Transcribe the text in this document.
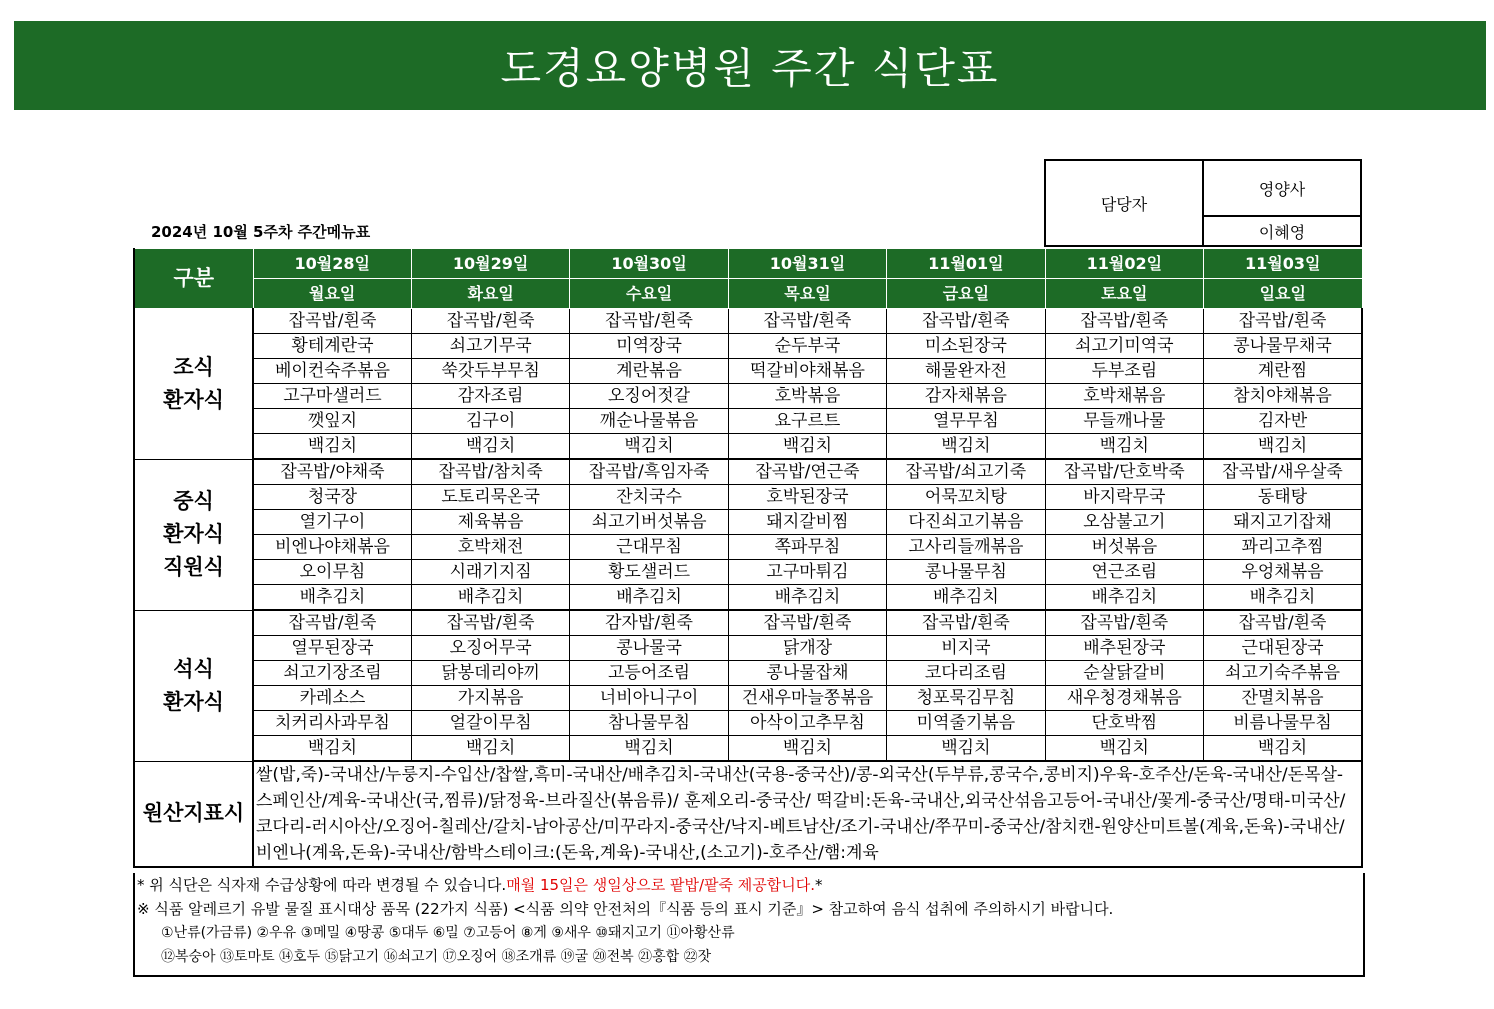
도경요양병원 주간 식단표
담당자	영양사
이혜영
2024년 10월 5주차 주간메뉴표
구분	10월28일	10월29일	10월30일	10월31일	11월01일	11월02일	11월03일
	월요일	화요일	수요일	목요일	금요일	토요일	일요일
조식
환자식	잡곡밥/흰죽	잡곡밥/흰죽	잡곡밥/흰죽	잡곡밥/흰죽	잡곡밥/흰죽	잡곡밥/흰죽	잡곡밥/흰죽
	황테계란국	쇠고기무국	미역장국	순두부국	미소된장국	쇠고기미역국	콩나물무채국
	베이컨숙주볶음	쑥갓두부무침	계란볶음	떡갈비야채볶음	해물완자전	두부조림	계란찜
	고구마샐러드	감자조림	오징어젓갈	호박볶음	감자채볶음	호박채볶음	참치야채볶음
	깻잎지	김구이	깨순나물볶음	요구르트	열무무침	무들깨나물	김자반
	백김치	백김치	백김치	백김치	백김치	백김치	백김치
중식
환자식
직원식	잡곡밥/야채죽	잡곡밥/참치죽	잡곡밥/흑임자죽	잡곡밥/연근죽	잡곡밥/쇠고기죽	잡곡밥/단호박죽	잡곡밥/새우살죽
	청국장	도토리묵온국	잔치국수	호박된장국	어묵꼬치탕	바지락무국	동태탕
	열기구이	제육볶음	쇠고기버섯볶음	돼지갈비찜	다진쇠고기볶음	오삼불고기	돼지고기잡채
	비엔나야채볶음	호박채전	근대무침	쪽파무침	고사리들깨볶음	버섯볶음	꽈리고추찜
	오이무침	시래기지짐	황도샐러드	고구마튀김	콩나물무침	연근조림	우엉채볶음
	배추김치	배추김치	배추김치	배추김치	배추김치	배추김치	배추김치
석식
환자식	잡곡밥/흰죽	잡곡밥/흰죽	감자밥/흰죽	잡곡밥/흰죽	잡곡밥/흰죽	잡곡밥/흰죽	잡곡밥/흰죽
	열무된장국	오징어무국	콩나물국	닭개장	비지국	배추된장국	근대된장국
	쇠고기장조림	닭봉데리야끼	고등어조림	콩나물잡채	코다리조림	순살닭갈비	쇠고기숙주볶음
	카레소스	가지볶음	너비아니구이	건새우마늘쫑볶음	청포묵김무침	새우청경채볶음	잔멸치볶음
	치커리사과무침	얼갈이무침	참나물무침	아삭이고추무침	미역줄기볶음	단호박찜	비름나물무침
	백김치	백김치	백김치	백김치	백김치	백김치	백김치
원산지표시	쌀(밥,죽)-국내산/누룽지-수입산/찹쌀,흑미-국내산/배추김치-국내산(국용-중국산)/콩-외국산(두부류,콩국수,콩비지)우육-호주산/돈육-국내산/돈목살-스페인산/계육-국내산(국,찜류)/닭정육-브라질산(볶음류)/ 훈제오리-중국산/ 떡갈비:돈육-국내산,외국산섞음고등어-국내산/꽃게-중국산/명태-미국산/코다리-러시아산/오징어-칠레산/갈치-남아공산/미꾸라지-중국산/낙지-베트남산/조기-국내산/쭈꾸미-중국산/참치캔-원양산미트볼(계육,돈육)-국내산/비엔나(계육,돈육)-국내산/함박스테이크:(돈육,계육)-국내산,(소고기)-호주산/햄:계육						
* 위 식단은 식자재 수급상황에 따라 변경될 수 있습니다.매월 15일은 생일상으로 팥밥/팥죽 제공합니다.*
※ 식품 알레르기 유발 물질 표시대상 품목 (22가지 식품) <식품 의약 안전처의『식품 등의 표시 기준』> 참고하여 음식 섭취에 주의하시기 바랍니다.
①난류(가금류) ②우유 ③메밀 ④땅콩 ⑤대두 ⑥밀 ⑦고등어 ⑧게 ⑨새우 ⑩돼지고기 ⑪아황산류
⑫복숭아 ⑬토마토 ⑭호두 ⑮닭고기 ⑯쇠고기 ⑰오징어 ⑱조개류 ⑲굴 ⑳전복 ㉑홍합 ㉒잣
